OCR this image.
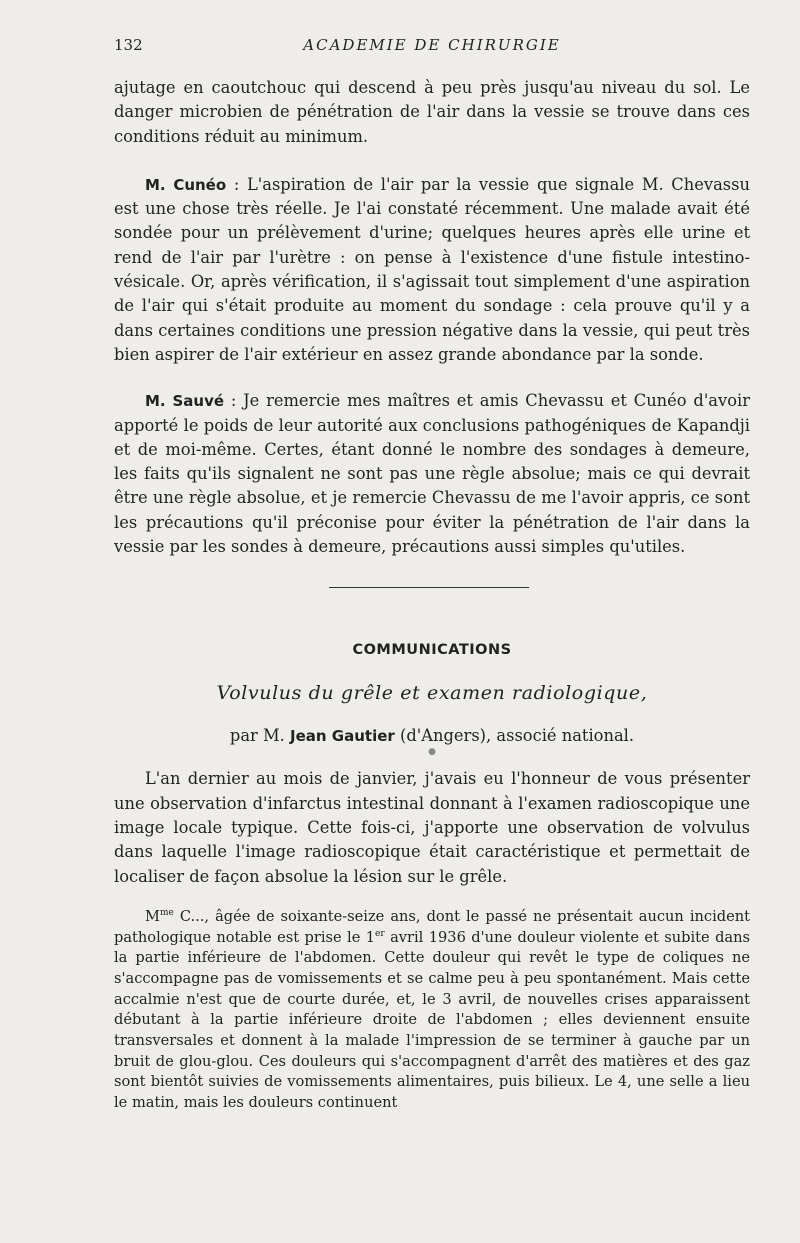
132	ACADEMIE DE CHIRURGIE

ajutage en caoutchouc qui descend à peu près jusqu'au niveau du sol. Le danger microbien de pénétration de l'air dans la vessie se trouve dans ces conditions réduit au minimum.

M. Cunéo : L'aspiration de l'air par la vessie que signale M. Chevassu est une chose très réelle. Je l'ai constaté récemment. Une malade avait été sondée pour un prélèvement d'urine; quelques heures après elle urine et rend de l'air par l'urètre : on pense à l'existence d'une fistule intestino-vésicale. Or, après vérification, il s'agissait tout simplement d'une aspiration de l'air qui s'était produite au moment du sondage : cela prouve qu'il y a dans certaines conditions une pression négative dans la vessie, qui peut très bien aspirer de l'air extérieur en assez grande abondance par la sonde.

M. Sauvé : Je remercie mes maîtres et amis Chevassu et Cunéo d'avoir apporté le poids de leur autorité aux conclusions pathogéniques de Kapandji et de moi-même. Certes, étant donné le nombre des sondages à demeure, les faits qu'ils signalent ne sont pas une règle absolue; mais ce qui devrait être une règle absolue, et je remercie Chevassu de me l'avoir appris, ce sont les précautions qu'il préconise pour éviter la pénétration de l'air dans la vessie par les sondes à demeure, précautions aussi simples qu'utiles.

COMMUNICATIONS
Volvulus du grêle et examen radiologique,
par M. Jean Gautier (d'Angers), associé national.
●

L'an dernier au mois de janvier, j'avais eu l'honneur de vous présenter une observation d'infarctus intestinal donnant à l'examen radioscopique une image locale typique. Cette fois-ci, j'apporte une observation de volvulus dans laquelle l'image radioscopique était caractéristique et permettait de localiser de façon absolue la lésion sur le grêle.

$M^{me}$ C..., âgée de soixante-seize ans, dont le passé ne présentait aucun incident pathologique notable est prise le 1er avril 1936 d'une douleur violente et subite dans la partie inférieure de l'abdomen. Cette douleur qui revêt le type de coliques ne s'accompagne pas de vomissements et se calme peu à peu spontanément. Mais cette accalmie n'est que de courte durée, et, le 3 avril, de nouvelles crises apparaissent débutant à la partie inférieure droite de l'abdomen ; elles deviennent ensuite transversales et donnent à la malade l'impression de se terminer à gauche par un bruit de glou-glou. Ces douleurs qui s'accompagnent d'arrêt des matières et des gaz sont bientôt suivies de vomissements alimentaires, puis bilieux. Le 4, une selle a lieu le matin, mais les douleurs continuent
